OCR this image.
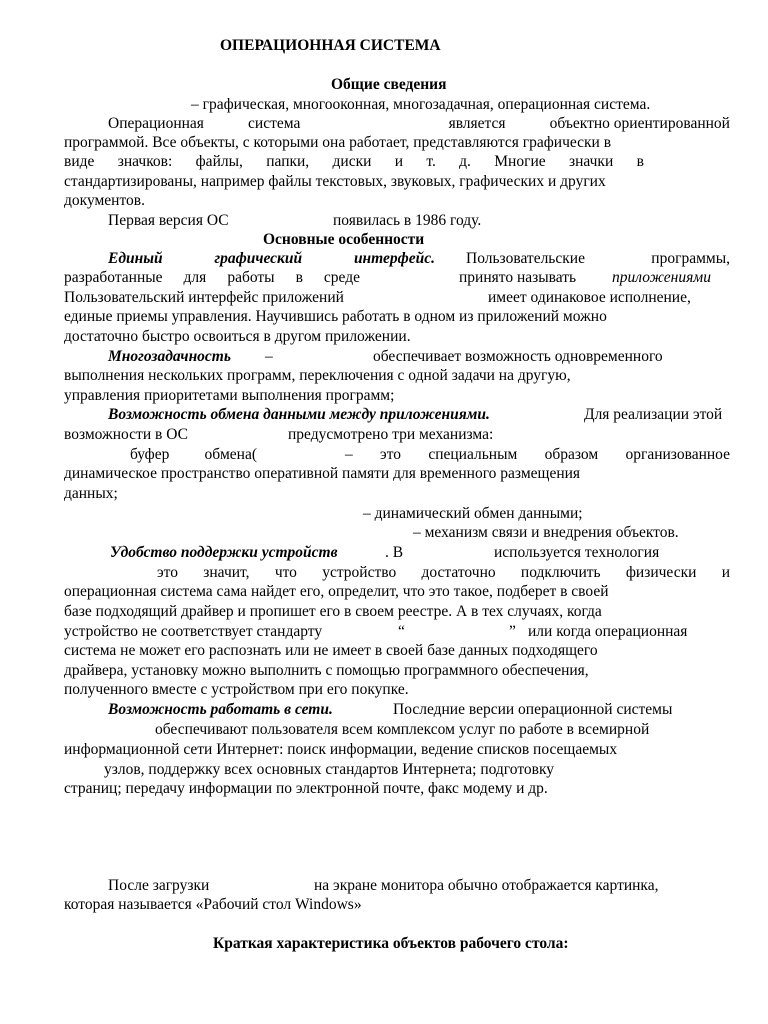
ОПЕРАЦИОННАЯ СИСТЕМА
Общие сведения
– графическая, многооконная, многозадачная, операционная система.
Операционная	система	является	объектно ориентированной
программой. Все объекты, с которыми она работает, представляются графически в
виде значков: файлы, папки, диски и т. д. Многие значки в
стандартизированы, например файлы текстовых, звуковых, графических и других
документов.
Первая версия ОС	появилась в 1986 году.
Основные особенности
Единый	графический	интерфейс. Пользовательские	программы,
разработанные для работы в среде	принято называть приложениями
Пользовательский интерфейс приложений	имеет одинаковое исполнение,
единые приемы управления. Научившись работать в одном из приложений можно
достаточно быстро освоиться в другом приложении.
Многозадачность –	обеспечивает возможность одновременного
выполнения нескольких программ, переключения с одной задачи на другую,
управления приоритетами выполнения программ;
Возможность обмена данными между приложениями.	Для реализации этой
возможности в ОС	предусмотрено три механизма:
буфер обмена(	– это специальным образом организованное
динамическое пространство оперативной памяти для временного размещения
данных;
– динамический обмен данными;
– механизм связи и внедрения объектов.
Удобство поддержки устройств	. В	используется технология
это значит, что устройство достаточно подключить физически и
операционная система сама найдет его, определит, что это такое, подберет в своей
базе подходящий драйвер и пропишет его в своем реестре. А в тех случаях, когда
устройство не соответствует стандарту	“	” или когда операционная
система не может его распознать или не имеет в своей базе данных подходящего
драйвера, установку можно выполнить с помощью программного обеспечения,
полученного вместе с устройством при его покупке.
Возможность работать в сети.	Последние версии операционной системы
обеспечивают пользователя всем комплексом услуг по работе в всемирной
информационной сети Интернет: поиск информации, ведение списков посещаемых
узлов, поддержку всех основных стандартов Интернета; подготовку
страниц; передачу информации по электронной почте, факс модему и др.
После загрузки	на экране монитора обычно отображается картинка,
которая называется «Рабочий стол Windows»
Краткая характеристика объектов рабочего стола:
